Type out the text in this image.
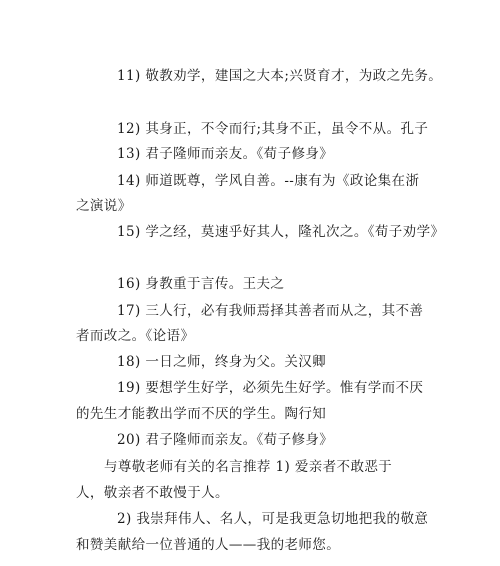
11) 敬教劝学，建国之大本;兴贤育才，为政之先务。
12) 其身正，不令而行;其身不正，虽令不从。孔子
13) 君子隆师而亲友。《荀子修身》
14) 师道既尊，学风自善。--康有为《政论集在浙
之演说》
15) 学之经，莫速乎好其人，隆礼次之。《荀子劝学》
16) 身教重于言传。王夫之
17) 三人行，必有我师焉择其善者而从之，其不善
者而改之。《论语》
18) 一日之师，终身为父。关汉卿
19) 要想学生好学，必须先生好学。惟有学而不厌
的先生才能教出学而不厌的学生。陶行知
20) 君子隆师而亲友。《荀子修身》
与尊敬老师有关的名言推荐 1) 爱亲者不敢恶于
人，敬亲者不敢慢于人。
2) 我崇拜伟人、名人，可是我更急切地把我的敬意
和赞美献给一位普通的人——我的老师您。
